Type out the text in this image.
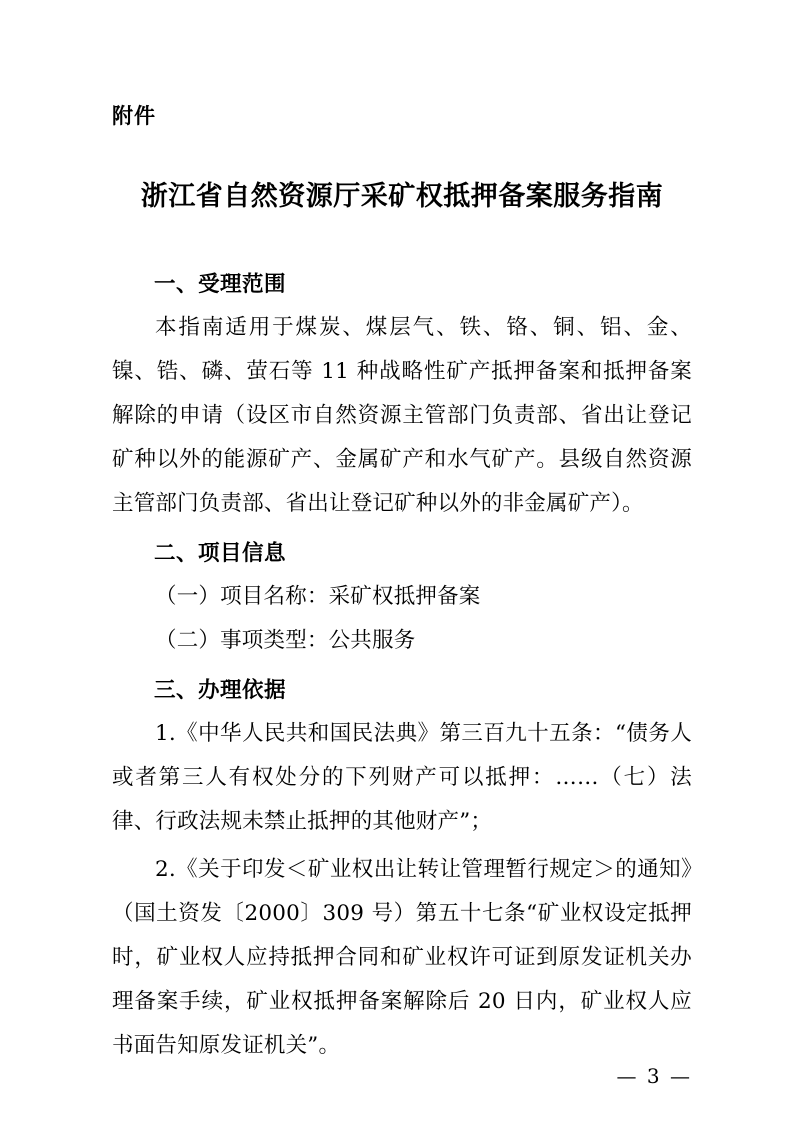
附件
浙江省自然资源厅采矿权抵押备案服务指南
一、受理范围

本指南适用于煤炭、煤层气、铁、铬、铜、铝、金、镍、锆、磷、萤石等 11 种战略性矿产抵押备案和抵押备案解除的申请（设区市自然资源主管部门负责部、省出让登记矿种以外的能源矿产、金属矿产和水气矿产。县级自然资源主管部门负责部、省出让登记矿种以外的非金属矿产）。

二、项目信息

（一）项目名称：采矿权抵押备案

（二）事项类型：公共服务

三、办理依据

1.《中华人民共和国民法典》第三百九十五条：“债务人或者第三人有权处分的下列财产可以抵押：……（七）法律、行政法规未禁止抵押的其他财产”；

2.《关于印发＜矿业权出让转让管理暂行规定＞的通知》（国土资发〔2000〕309 号）第五十七条“矿业权设定抵押时，矿业权人应持抵押合同和矿业权许可证到原发证机关办理备案手续，矿业权抵押备案解除后 20 日内，矿业权人应书面告知原发证机关”。

— 3 —
